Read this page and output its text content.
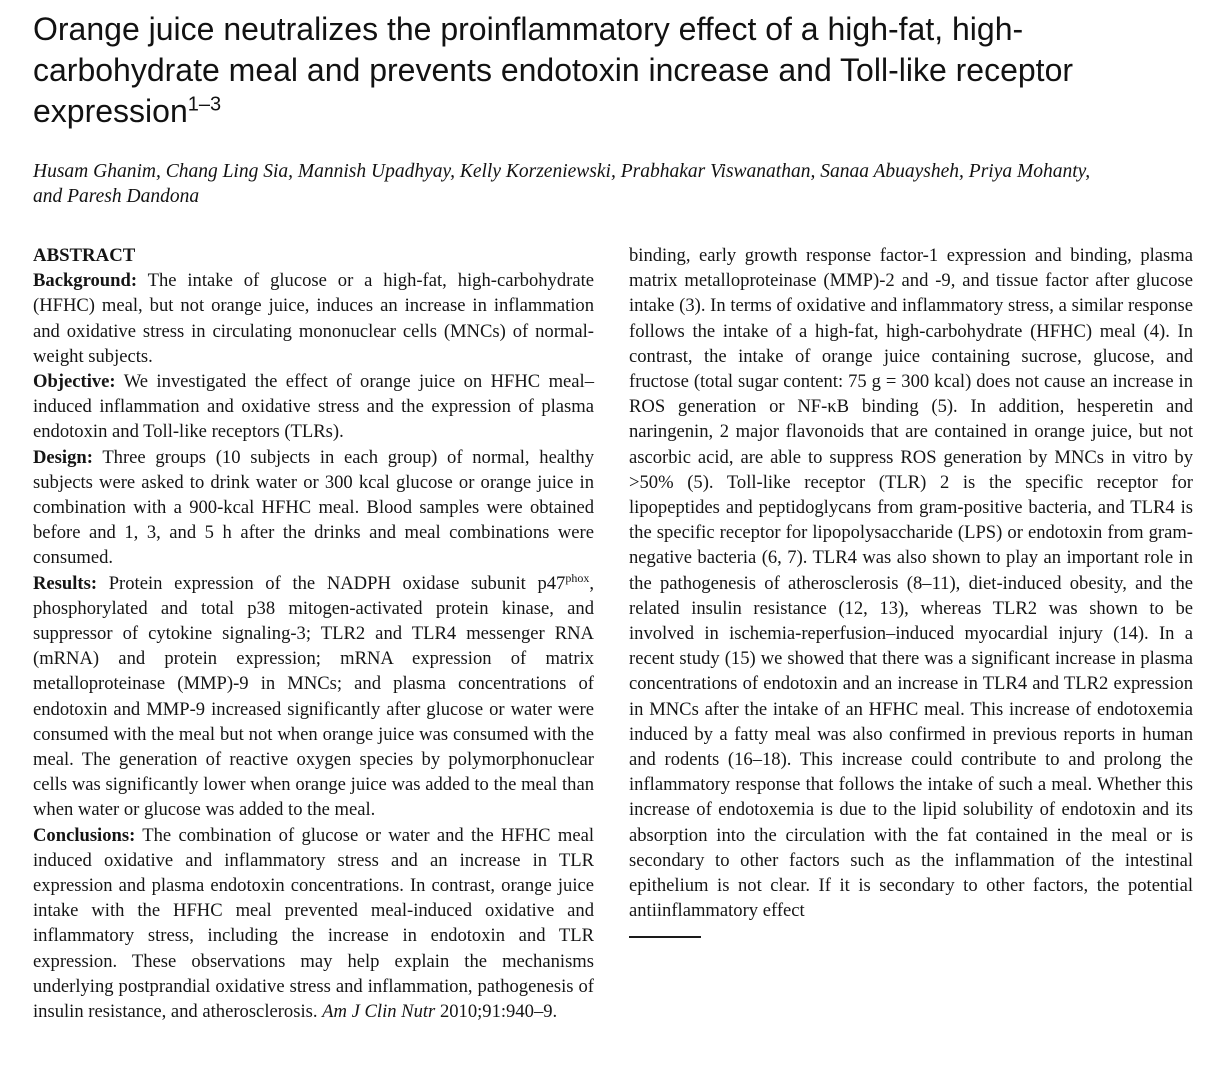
Orange juice neutralizes the proinflammatory effect of a high-fat, high-carbohydrate meal and prevents endotoxin increase and Toll-like receptor expression$^{1-3}$

Husam Ghanim, Chang Ling Sia, Mannish Upadhyay, Kelly Korzeniewski, Prabhakar Viswanathan, Sanaa Abuaysheh, Priya Mohanty, and Paresh Dandona

ABSTRACT

Background: The intake of glucose or a high-fat, high-carbohydrate (HFHC) meal, but not orange juice, induces an increase in inflammation and oxidative stress in circulating mononuclear cells (MNCs) of normal-weight subjects.

Objective: We investigated the effect of orange juice on HFHC meal–induced inflammation and oxidative stress and the expression of plasma endotoxin and Toll-like receptors (TLRs).

Design: Three groups (10 subjects in each group) of normal, healthy subjects were asked to drink water or 300 kcal glucose or orange juice in combination with a 900-kcal HFHC meal. Blood samples were obtained before and 1, 3, and 5 h after the drinks and meal combinations were consumed.

Results: Protein expression of the NADPH oxidase subunit $p47^{phox}$, phosphorylated and total p38 mitogen-activated protein kinase, and suppressor of cytokine signaling-3; TLR2 and TLR4 messenger RNA (mRNA) and protein expression; mRNA expression of matrix metalloproteinase (MMP)-9 in MNCs; and plasma concentrations of endotoxin and MMP-9 increased significantly after glucose or water were consumed with the meal but not when orange juice was consumed with the meal. The generation of reactive oxygen species by polymorphonuclear cells was significantly lower when orange juice was added to the meal than when water or glucose was added to the meal.

Conclusions: The combination of glucose or water and the HFHC meal induced oxidative and inflammatory stress and an increase in TLR expression and plasma endotoxin concentrations. In contrast, orange juice intake with the HFHC meal prevented meal-induced oxidative and inflammatory stress, including the increase in endotoxin and TLR expression. These observations may help explain the mechanisms underlying postprandial oxidative stress and inflammation, pathogenesis of insulin resistance, and atherosclerosis. Am J Clin Nutr 2010;91:940–9.

binding, early growth response factor-1 expression and binding, plasma matrix metalloproteinase (MMP)-2 and -9, and tissue factor after glucose intake (3). In terms of oxidative and inflammatory stress, a similar response follows the intake of a high-fat, high-carbohydrate (HFHC) meal (4). In contrast, the intake of orange juice containing sucrose, glucose, and fructose (total sugar content: 75 g = 300 kcal) does not cause an increase in ROS generation or NF-κB binding (5). In addition, hesperetin and naringenin, 2 major flavonoids that are contained in orange juice, but not ascorbic acid, are able to suppress ROS generation by MNCs in vitro by >50% (5). Toll-like receptor (TLR) 2 is the specific receptor for lipopeptides and peptidoglycans from gram-positive bacteria, and TLR4 is the specific receptor for lipopolysaccharide (LPS) or endotoxin from gram-negative bacteria (6, 7). TLR4 was also shown to play an important role in the pathogenesis of atherosclerosis (8–11), diet-induced obesity, and the related insulin resistance (12, 13), whereas TLR2 was shown to be involved in ischemia-reperfusion–induced myocardial injury (14). In a recent study (15) we showed that there was a significant increase in plasma concentrations of endotoxin and an increase in TLR4 and TLR2 expression in MNCs after the intake of an HFHC meal. This increase of endotoxemia induced by a fatty meal was also confirmed in previous reports in human and rodents (16–18). This increase could contribute to and prolong the inflammatory response that follows the intake of such a meal. Whether this increase of endotoxemia is due to the lipid solubility of endotoxin and its absorption into the circulation with the fat contained in the meal or is secondary to other factors such as the inflammation of the intestinal epithelium is not clear. If it is secondary to other factors, the potential antiinflammatory effect
